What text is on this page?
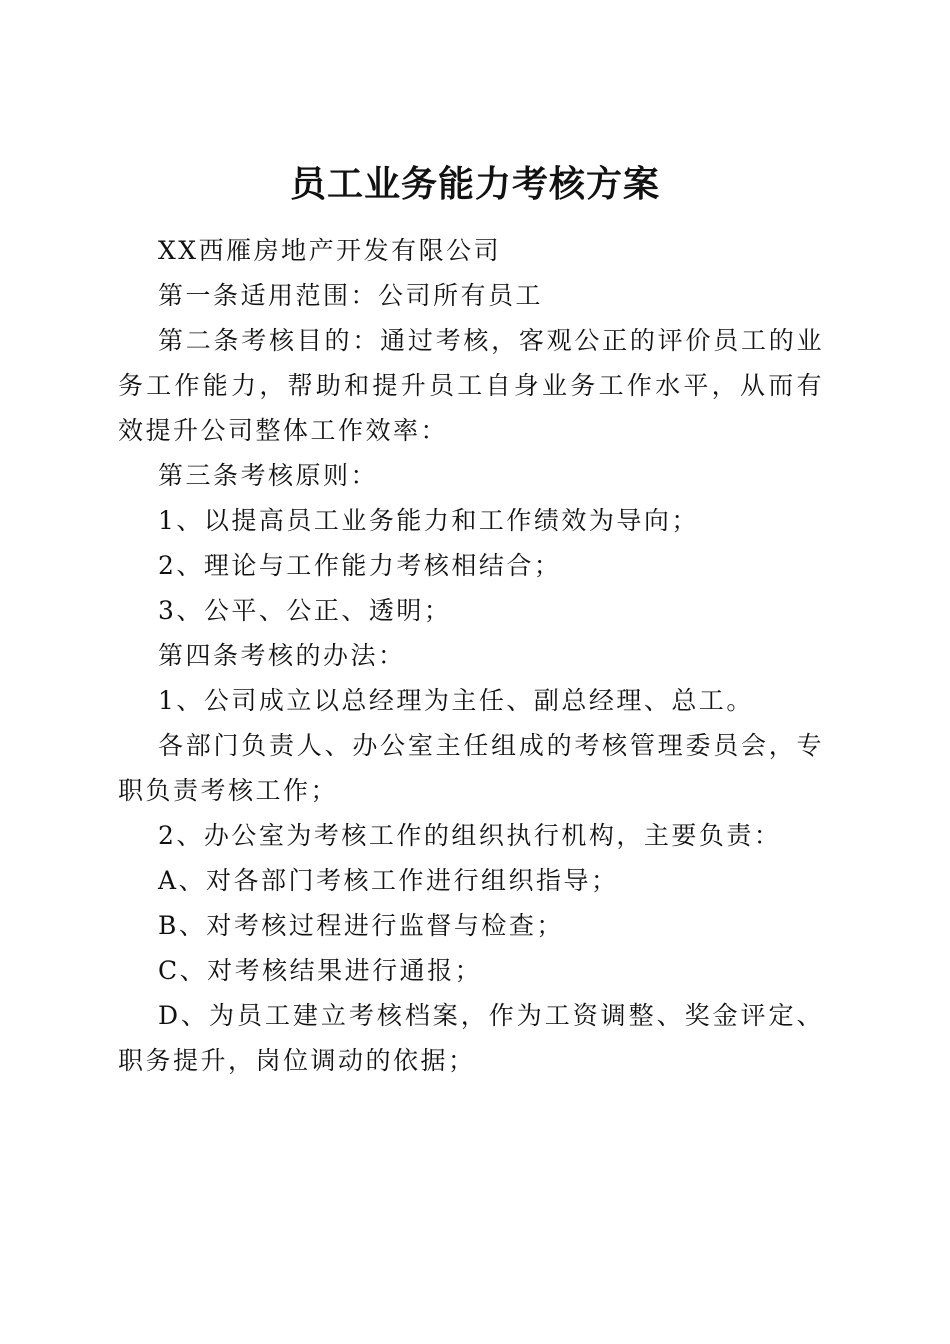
员工业务能力考核方案

XX西雁房地产开发有限公司

第一条适用范围：公司所有员工

第二条考核目的：通过考核，客观公正的评价员工的业务工作能力，帮助和提升员工自身业务工作水平，从而有效提升公司整体工作效率：

第三条考核原则：

1、以提高员工业务能力和工作绩效为导向；

2、理论与工作能力考核相结合；

3、公平、公正、透明；

第四条考核的办法：

1、公司成立以总经理为主任、副总经理、总工。

各部门负责人、办公室主任组成的考核管理委员会，专职负责考核工作；

2、办公室为考核工作的组织执行机构，主要负责：

A、对各部门考核工作进行组织指导；

B、对考核过程进行监督与检查；

C、对考核结果进行通报；

D、为员工建立考核档案，作为工资调整、奖金评定、职务提升，岗位调动的依据；
